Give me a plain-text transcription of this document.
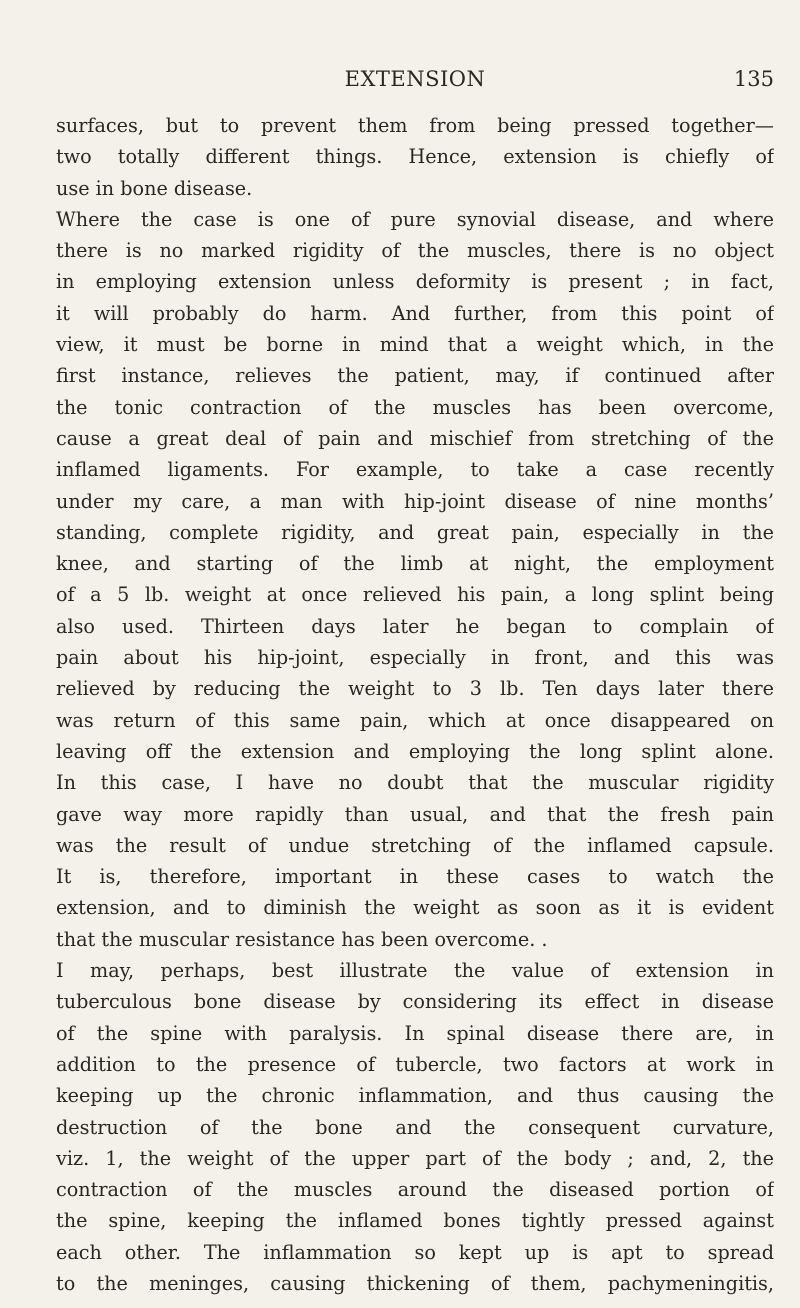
EXTENSION	135
surfaces, but to prevent them from being pressed together—
two totally different things. Hence, extension is chiefly of
use in bone disease.
Where the case is one of pure synovial disease, and where
there is no marked rigidity of the muscles, there is no object
in employing extension unless deformity is present ; in fact,
it will probably do harm. And further, from this point of
view, it must be borne in mind that a weight which, in the
first instance, relieves the patient, may, if continued after
the tonic contraction of the muscles has been overcome,
cause a great deal of pain and mischief from stretching of the
inflamed ligaments. For example, to take a case recently
under my care, a man with hip-joint disease of nine months’
standing, complete rigidity, and great pain, especially in the
knee, and starting of the limb at night, the employment
of a 5 lb. weight at once relieved his pain, a long splint being
also used. Thirteen days later he began to complain of
pain about his hip-joint, especially in front, and this was
relieved by reducing the weight to 3 lb. Ten days later there
was return of this same pain, which at once disappeared on
leaving off the extension and employing the long splint alone.
In this case, I have no doubt that the muscular rigidity
gave way more rapidly than usual, and that the fresh pain
was the result of undue stretching of the inflamed capsule.
It is, therefore, important in these cases to watch the
extension, and to diminish the weight as soon as it is evident
that the muscular resistance has been overcome. .
I may, perhaps, best illustrate the value of extension in
tuberculous bone disease by considering its effect in disease
of the spine with paralysis. In spinal disease there are, in
addition to the presence of tubercle, two factors at work in
keeping up the chronic inflammation, and thus causing the
destruction of the bone and the consequent curvature,
viz. 1, the weight of the upper part of the body ; and, 2, the
contraction of the muscles around the diseased portion of
the spine, keeping the inflamed bones tightly pressed against
each other. The inflammation so kept up is apt to spread
to the meninges, causing thickening of them, pachymeningitis,
